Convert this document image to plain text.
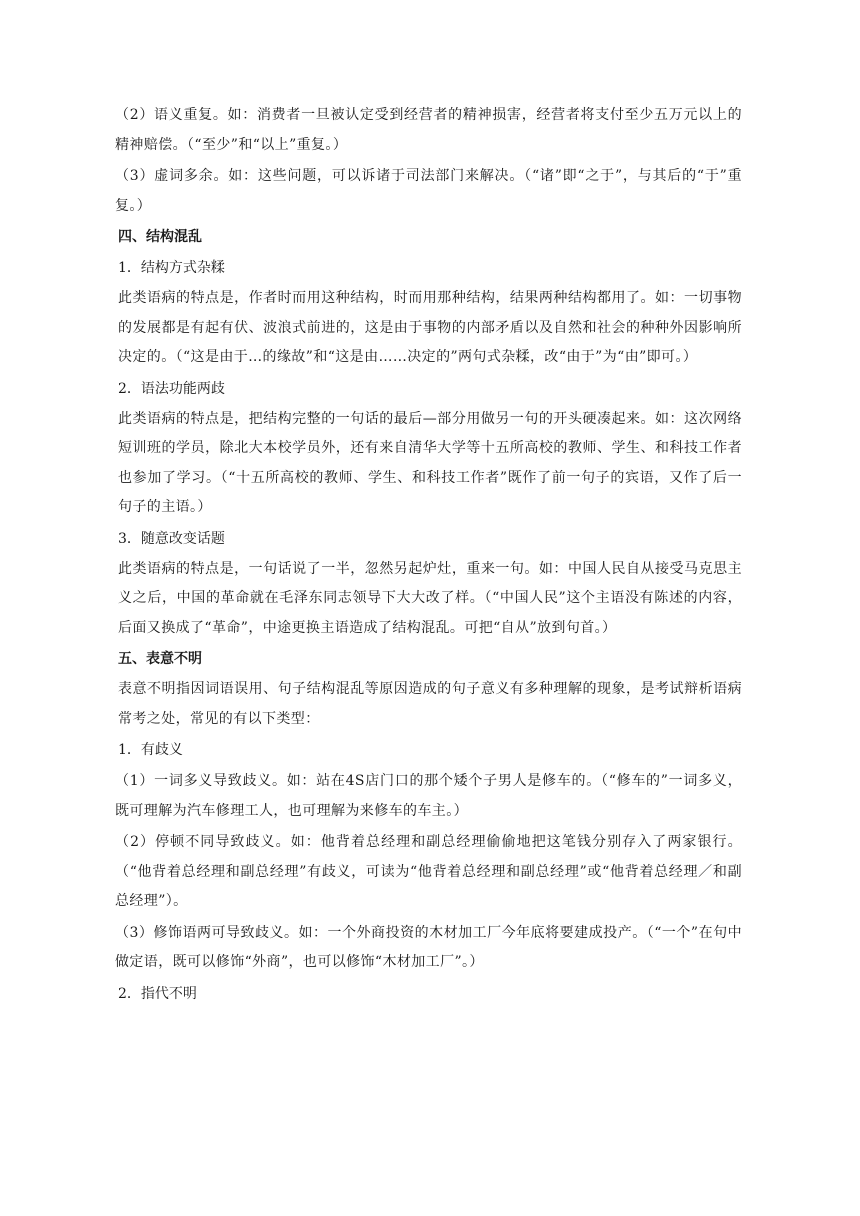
（2）语义重复。如：消费者一旦被认定受到经营者的精神损害，经营者将支付至少五万元以上的精神赔偿。（“至少”和“以上”重复。）

（3）虚词多余。如：这些问题，可以诉诸于司法部门来解决。（“诸”即“之于”，与其后的“于”重复。）

四、结构混乱

1．结构方式杂糅

此类语病的特点是，作者时而用这种结构，时而用那种结构，结果两种结构都用了。如：一切事物的发展都是有起有伏、波浪式前进的，这是由于事物的内部矛盾以及自然和社会的种种外因影响所决定的。（“这是由于…的缘故”和“这是由……决定的”两句式杂糅，改“由于”为“由”即可。）

2．语法功能两歧

此类语病的特点是，把结构完整的一句话的最后—部分用做另一句的开头硬凑起来。如：这次网络短训班的学员，除北大本校学员外，还有来自清华大学等十五所高校的教师、学生、和科技工作者也参加了学习。（“十五所高校的教师、学生、和科技工作者”既作了前一句子的宾语，又作了后一句子的主语。）

3．随意改变话题

此类语病的特点是，一句话说了一半，忽然另起炉灶，重来一句。如：中国人民自从接受马克思主义之后，中国的革命就在毛泽东同志领导下大大改了样。（“中国人民”这个主语没有陈述的内容，后面又换成了“革命”，中途更换主语造成了结构混乱。可把“自从”放到句首。）

五、表意不明

表意不明指因词语误用、句子结构混乱等原因造成的句子意义有多种理解的现象，是考试辩析语病常考之处，常见的有以下类型：

1．有歧义

（1）一词多义导致歧义。如：站在4S店门口的那个矮个子男人是修车的。（“修车的”一词多义，既可理解为汽车修理工人，也可理解为来修车的车主。）

（2）停顿不同导致歧义。如：他背着总经理和副总经理偷偷地把这笔钱分别存入了两家银行。（“他背着总经理和副总经理”有歧义，可读为“他背着总经理和副总经理”或“他背着总经理／和副总经理”）。

（3）修饰语两可导致歧义。如：一个外商投资的木材加工厂今年底将要建成投产。（“一个”在句中做定语，既可以修饰“外商”，也可以修饰“木材加工厂”。）

2．指代不明
